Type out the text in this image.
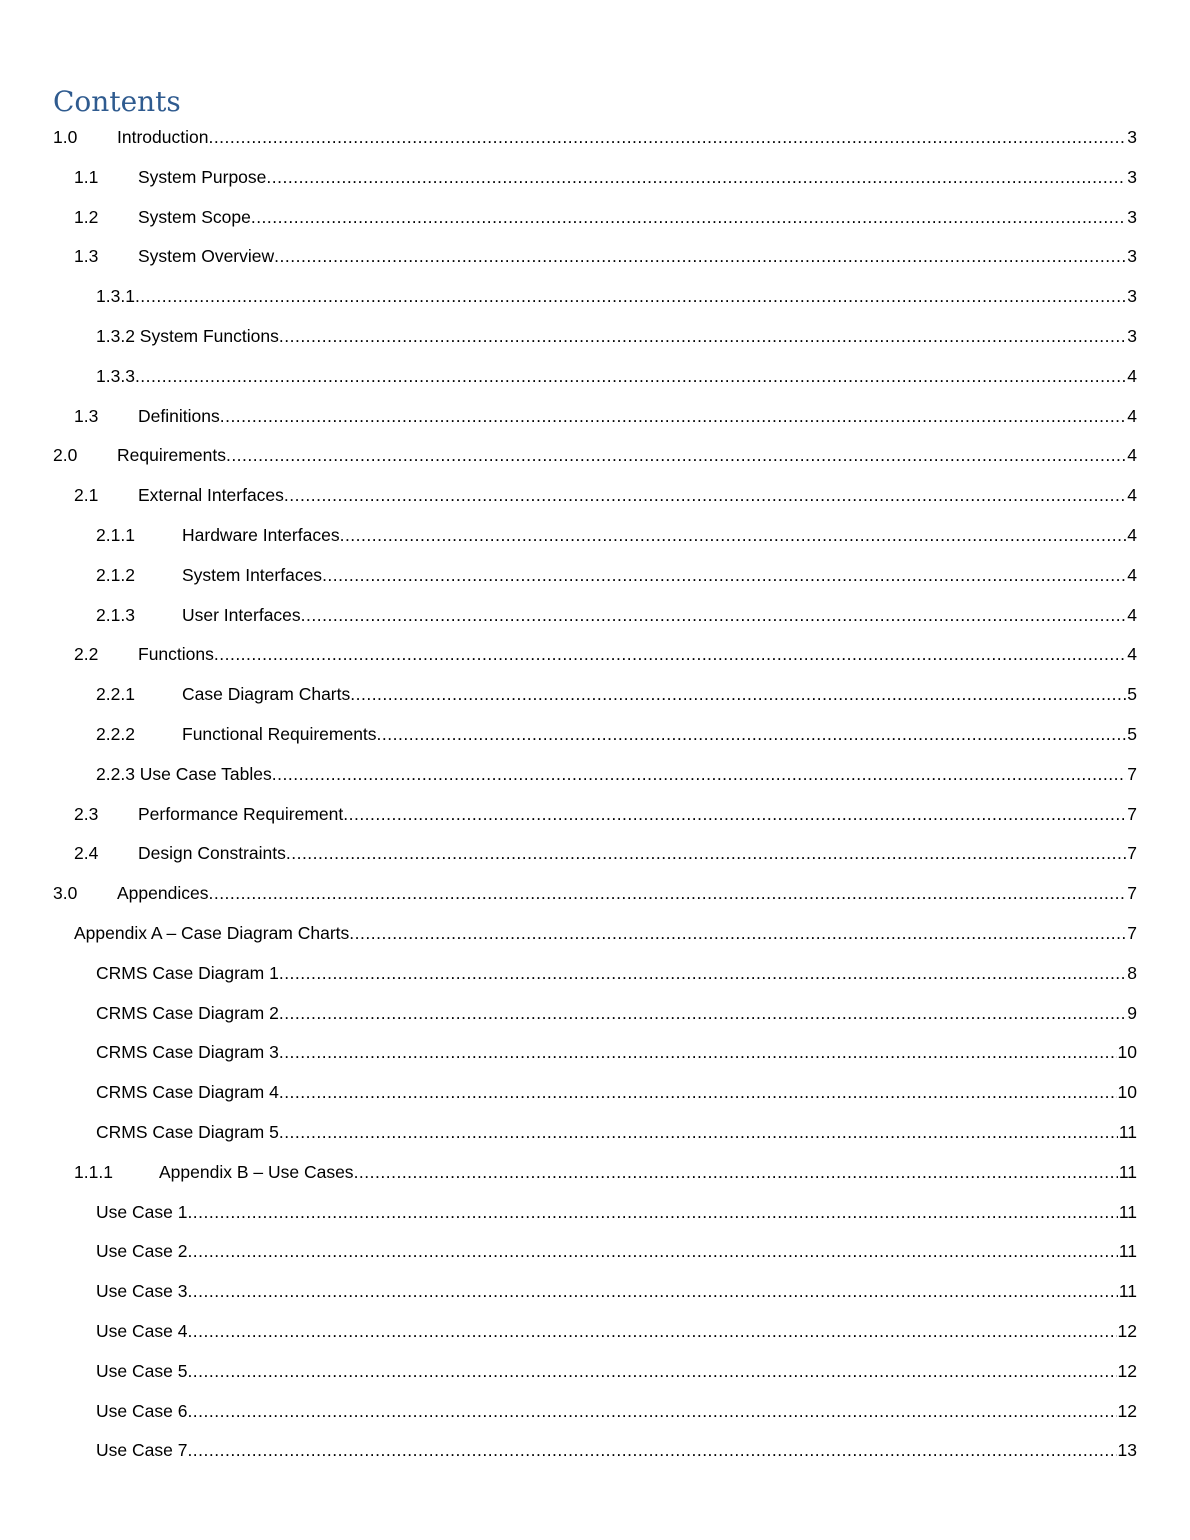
Contents
1.0	Introduction .....	3
1.1	System Purpose .....	3
1.2	System Scope .....	3
1.3	System Overview .....	3
1.3.1 .....	3
1.3.2 System Functions .....	3
1.3.3 .....	4
1.3	Definitions .....	4
2.0	Requirements .....	4
2.1	External Interfaces .....	4
2.1.1	Hardware Interfaces .....	4
2.1.2	System Interfaces .....	4
2.1.3	User Interfaces .....	4
2.2	Functions .....	4
2.2.1	Case Diagram Charts .....	5
2.2.2	Functional Requirements .....	5
2.2.3 Use Case Tables .....	7
2.3	Performance Requirement .....	7
2.4	Design Constraints .....	7
3.0	Appendices .....	7
Appendix A – Case Diagram Charts .....	7
CRMS Case Diagram 1 .....	8
CRMS Case Diagram 2 .....	9
CRMS Case Diagram 3 .....	10
CRMS Case Diagram 4 .....	10
CRMS Case Diagram 5 .....	11
1.1.1	Appendix B – Use Cases .....	11
Use Case 1 .....	11
Use Case 2 .....	11
Use Case 3 .....	11
Use Case 4 .....	12
Use Case 5 .....	12
Use Case 6 .....	12
Use Case 7 .....	13
